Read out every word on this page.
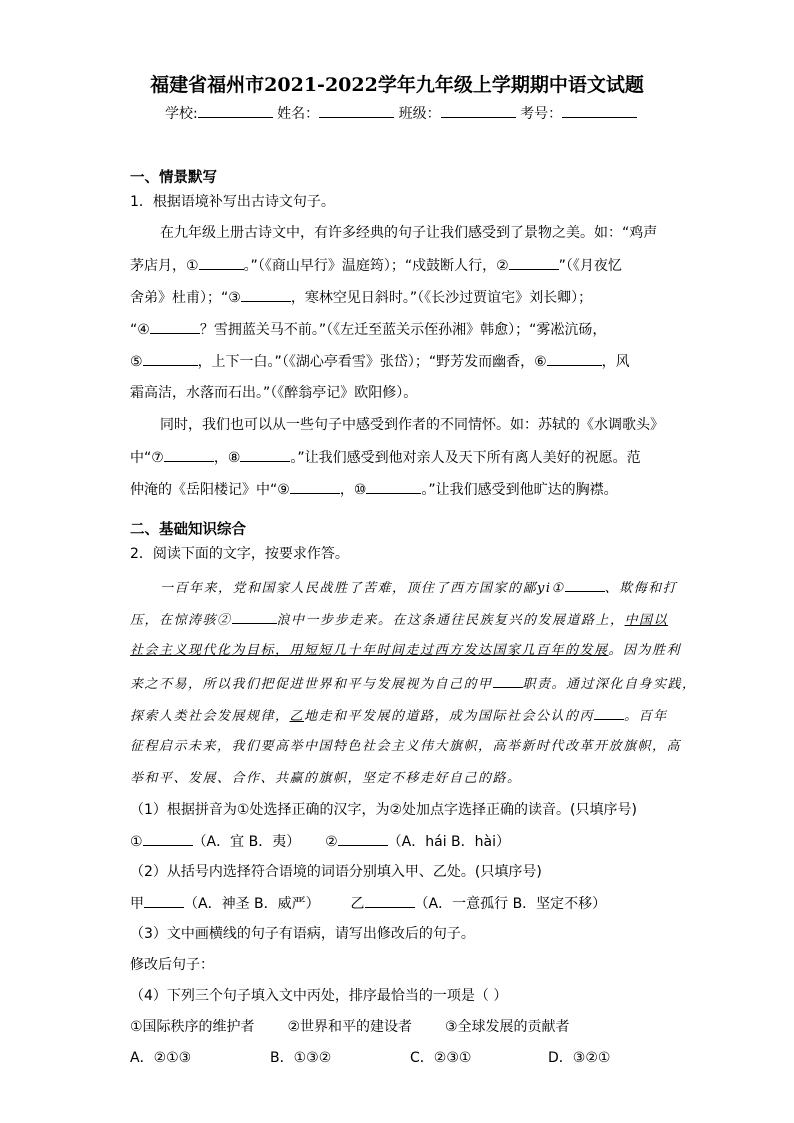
福建省福州市2021-2022学年九年级上学期期中语文试题
学校:	姓名：	班级：	考号：
一、情景默写
1．根据语境补写出古诗文句子。
在九年级上册古诗文中，有许多经典的句子让我们感受到了景物之美。如：“鸡声
茅店月，①	。”（《商山早行》温庭筠）；“戍鼓断人行，②	”（《月夜忆
舍弟》杜甫）；“③	，寒林空见日斜时。”（《长沙过贾谊宅》刘长卿）；
“④	？雪拥蓝关马不前。”（《左迁至蓝关示侄孙湘》韩愈）；“雾凇沆砀，
⑤	，上下一白。”（《湖心亭看雪》张岱）；“野芳发而幽香，⑥	，风
霜高洁，水落而石出。”（《醉翁亭记》欧阳修）。
同时，我们也可以从一些句子中感受到作者的不同情怀。如：苏轼的《水调歌头》
中“⑦	，⑧	。”让我们感受到他对亲人及天下所有离人美好的祝愿。范
仲淹的《岳阳楼记》中“⑨	，⑩	。”让我们感受到他旷达的胸襟。
二、基础知识综合
2．阅读下面的文字，按要求作答。
一百年来，党和国家人民战胜了苦难，顶住了西方国家的鄙yi①	、欺侮和打
压，在惊涛骇②	浪中一步步走来。在这条通往民族复兴的发展道路上，中国以
社会主义现代化为目标，用短短几十年时间走过西方发达国家几百年的发展。因为胜利
来之不易，所以我们把促进世界和平与发展视为自己的甲 职责。通过深化自身实践，
探索人类社会发展规律，乙地走和平发展的道路，成为国际社会公认的丙 。百年
征程启示未来，我们要高举中国特色社会主义伟大旗帜，高举新时代改革开放旗帜，高
举和平、发展、合作、共赢的旗帜，坚定不移走好自己的路。
（1）根据拼音为①处选择正确的汉字，为②处加点字选择正确的读音。(只填序号)
①	（A．宜 B．夷） ②	（A．hái B．hài）
（2）从括号内选择符合语境的词语分别填入甲、乙处。(只填序号)
甲	（A．神圣 B．威严） 乙	（A．一意孤行 B．坚定不移）
（3）文中画横线的句子有语病，请写出修改后的句子。
修改后句子：
（4）下列三个句子填入文中丙处，排序最恰当的一项是（ ）
①国际秩序的维护者 ②世界和平的建设者 ③全球发展的贡献者
A．②①③	B．①③②	C．②③①	D．③②①
